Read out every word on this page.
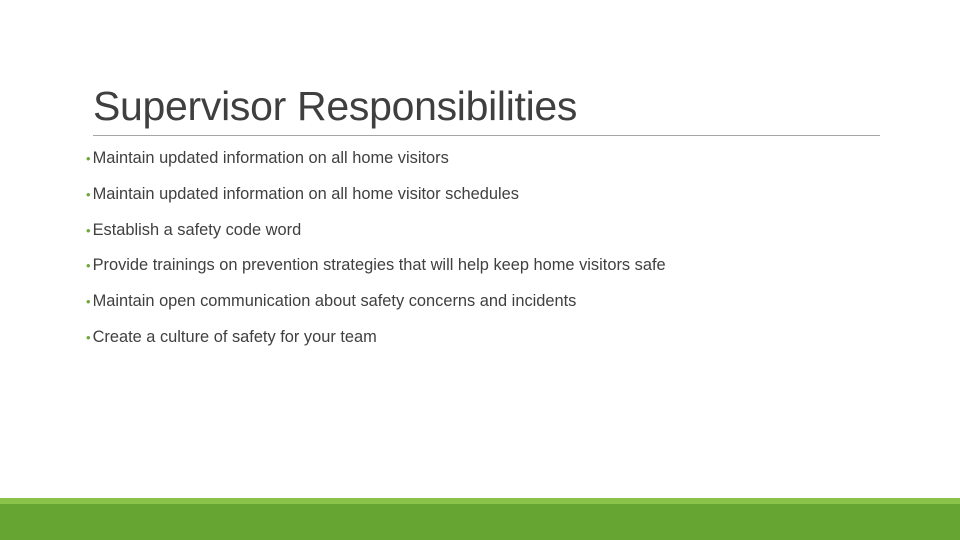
Supervisor Responsibilities
• Maintain updated information on all home visitors
• Maintain updated information on all home visitor schedules
• Establish a safety code word
• Provide trainings on prevention strategies that will help keep home visitors safe
• Maintain open communication about safety concerns and incidents
• Create a culture of safety for your team
